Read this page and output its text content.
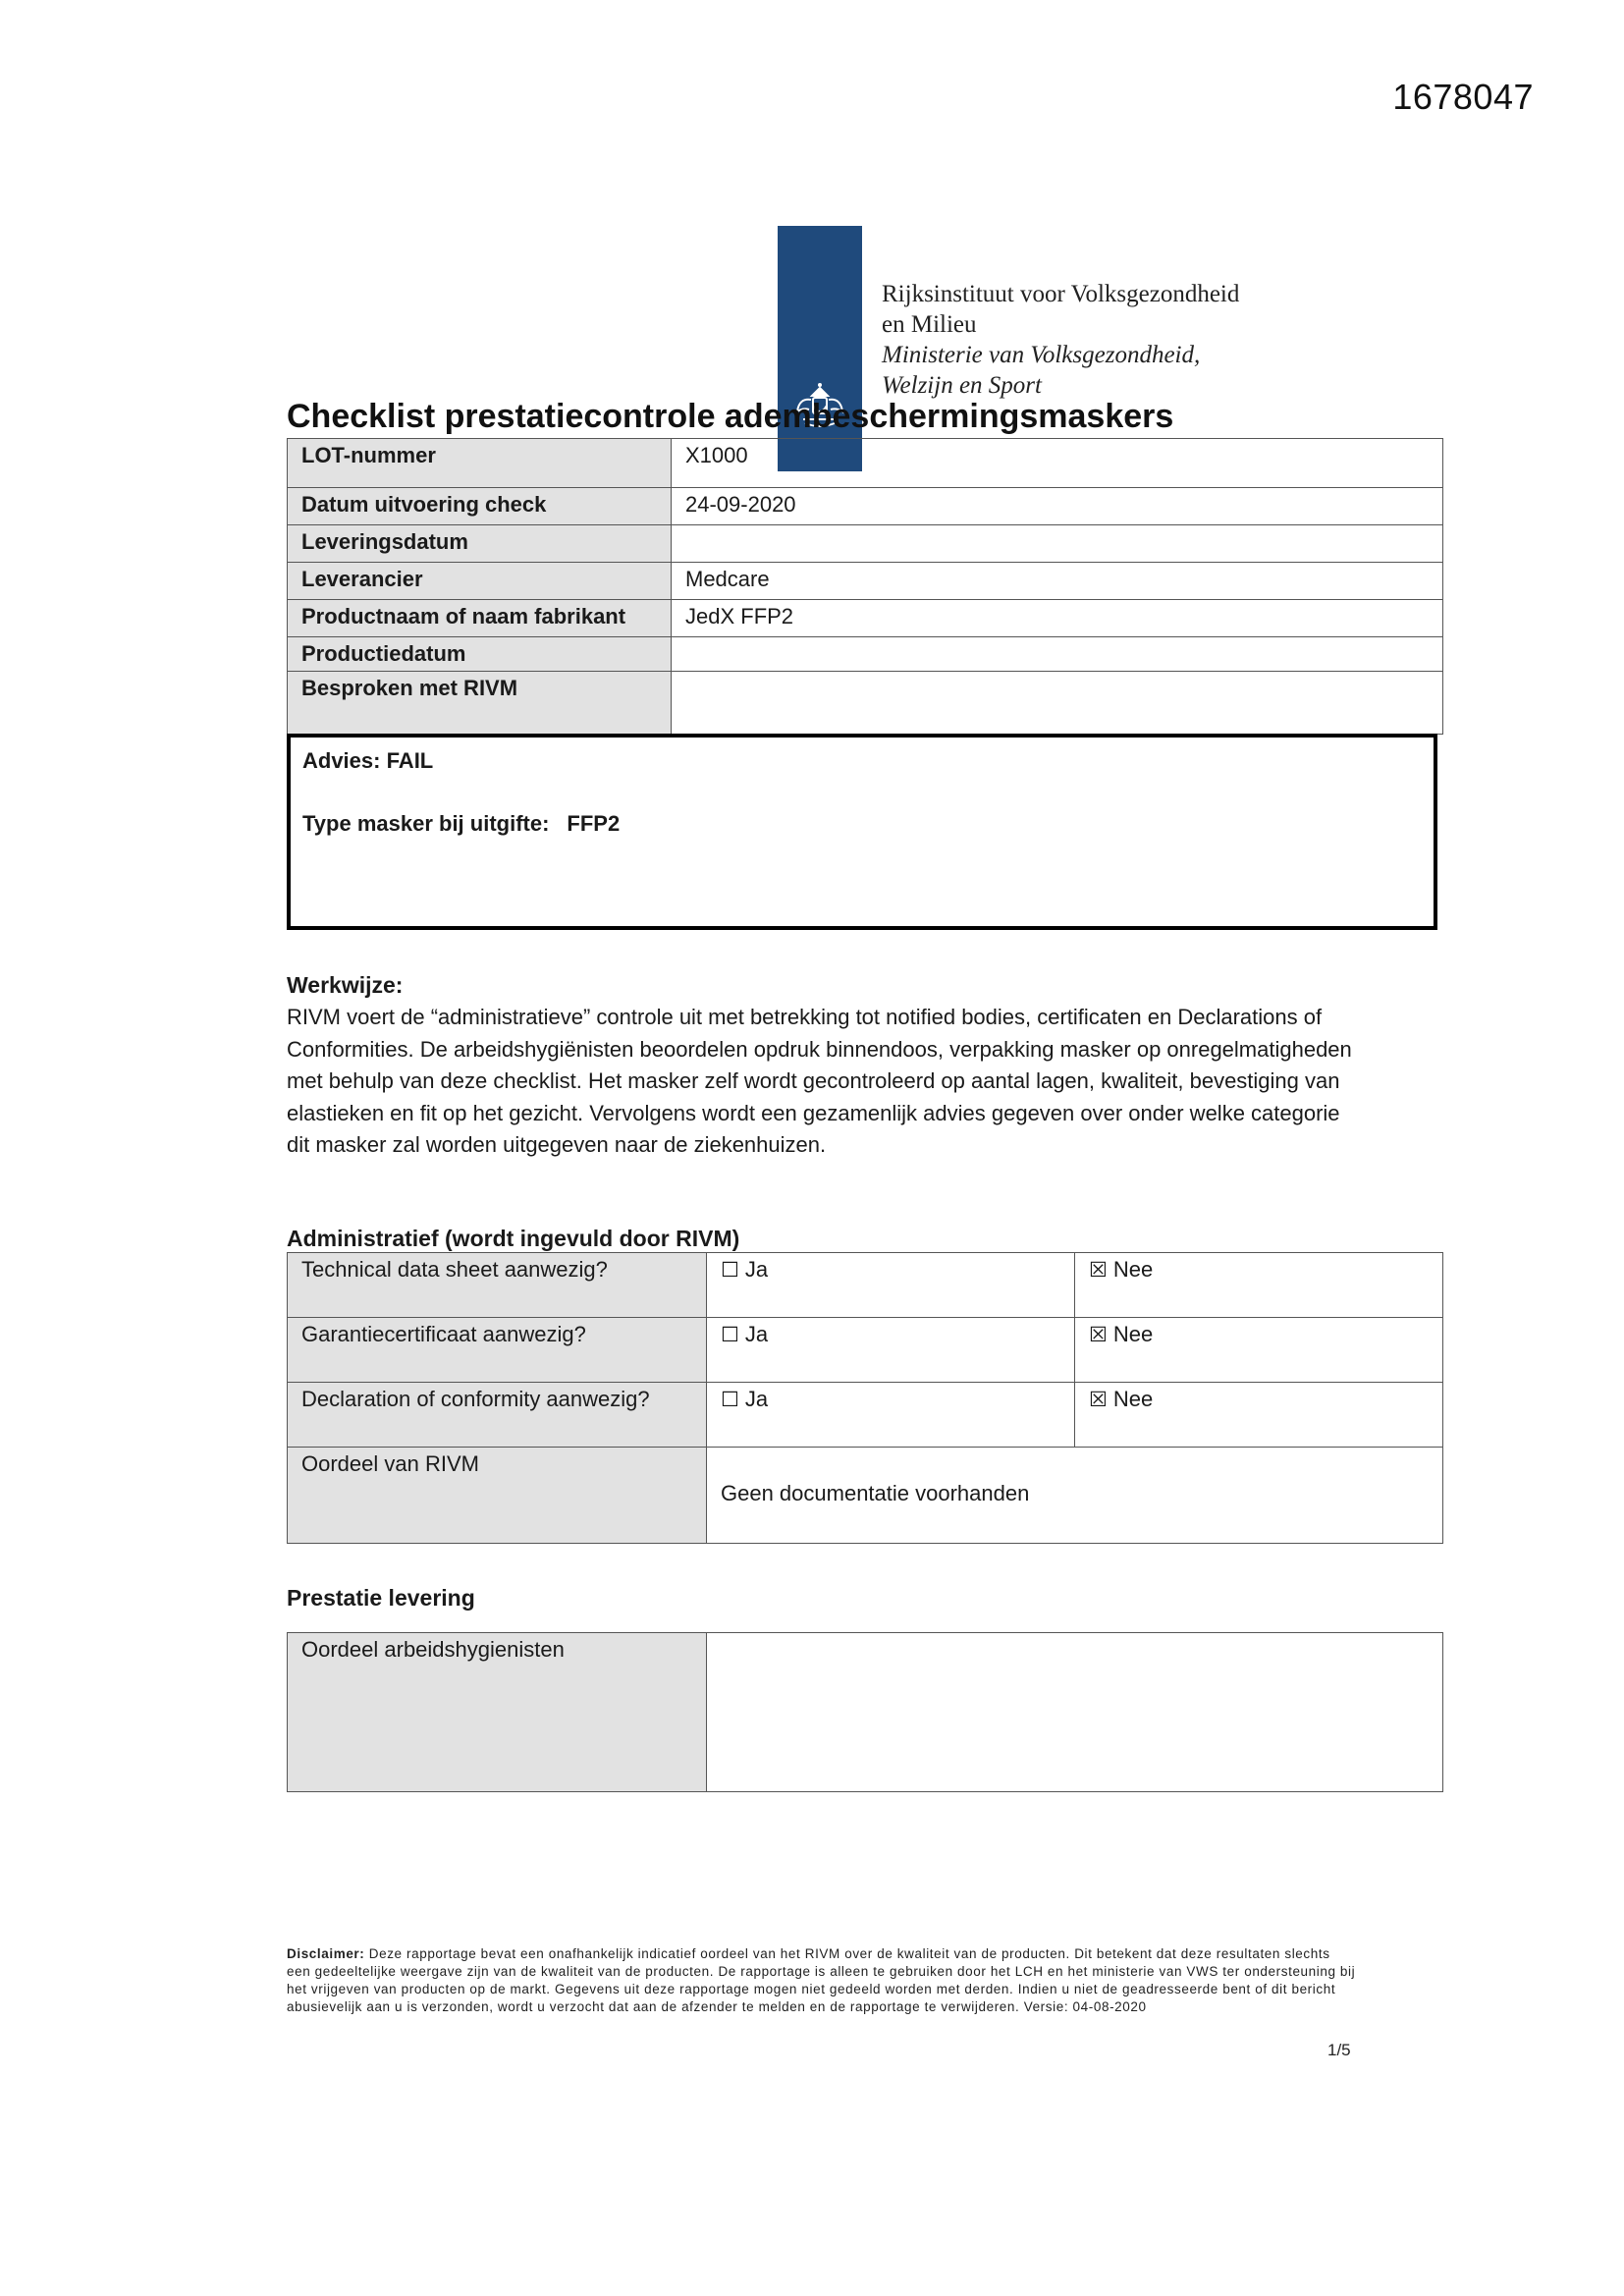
1678047
Rijksinstituut voor Volksgezondheid
en Milieu
Ministerie van Volksgezondheid,
Welzijn en Sport
Checklist prestatiecontrole adembeschermingsmaskers
LOT-nummer	X1000
Datum uitvoering check	24-09-2020
Leveringsdatum	
Leverancier	Medcare
Productnaam of naam fabrikant	JedX FFP2
Productiedatum	
Besproken met RIVM	
Advies: FAIL
Type masker bij uitgifte: FFP2
Werkwijze:

RIVM voert de “administratieve” controle uit met betrekking tot notified bodies, certificaten en Declarations of Conformities. De arbeidshygiënisten beoordelen opdruk binnendoos, verpakking masker op onregelmatigheden met behulp van deze checklist. Het masker zelf wordt gecontroleerd op aantal lagen, kwaliteit, bevestiging van elastieken en fit op het gezicht. Vervolgens wordt een gezamenlijk advies gegeven over onder welke categorie dit masker zal worden uitgegeven naar de ziekenhuizen.

Administratief (wordt ingevuld door RIVM)
Technical data sheet aanwezig?	☐ Ja	☒ Nee
Garantiecertificaat aanwezig?	☐ Ja	☒ Nee
Declaration of conformity aanwezig?	☐ Ja	☒ Nee
Oordeel van RIVM	Geen documentatie voorhanden	
Prestatie levering
Oordeel arbeidshygienisten	

Disclaimer: Deze rapportage bevat een onafhankelijk indicatief oordeel van het RIVM over de kwaliteit van de producten. Dit betekent dat deze resultaten slechts een gedeeltelijke weergave zijn van de kwaliteit van de producten. De rapportage is alleen te gebruiken door het LCH en het ministerie van VWS ter ondersteuning bij het vrijgeven van producten op de markt. Gegevens uit deze rapportage mogen niet gedeeld worden met derden. Indien u niet de geadresseerde bent of dit bericht abusievelijk aan u is verzonden, wordt u verzocht dat aan de afzender te melden en de rapportage te verwijderen. Versie: 04-08-2020

1/5
